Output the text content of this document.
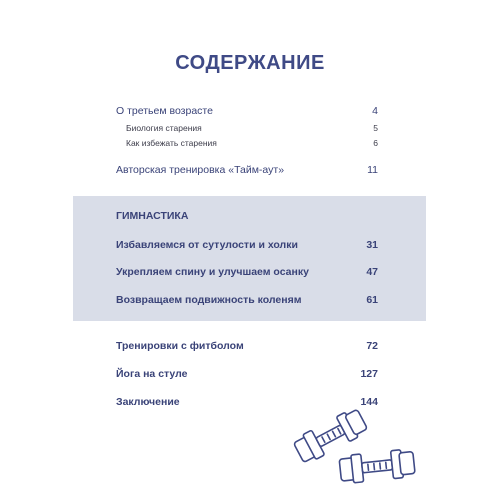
СОДЕРЖАНИЕ
О третьем возрасте	4
Биология старения	5
Как избежать старения	6
Авторская тренировка «Тайм-аут»	11
ГИМНАСТИКА
Избавляемся от сутулости и холки	31
Укрепляем спину и улучшаем осанку	47
Возвращаем подвижность коленям	61
Тренировки с фитболом	72
Йога на стуле	127
Заключение	144
